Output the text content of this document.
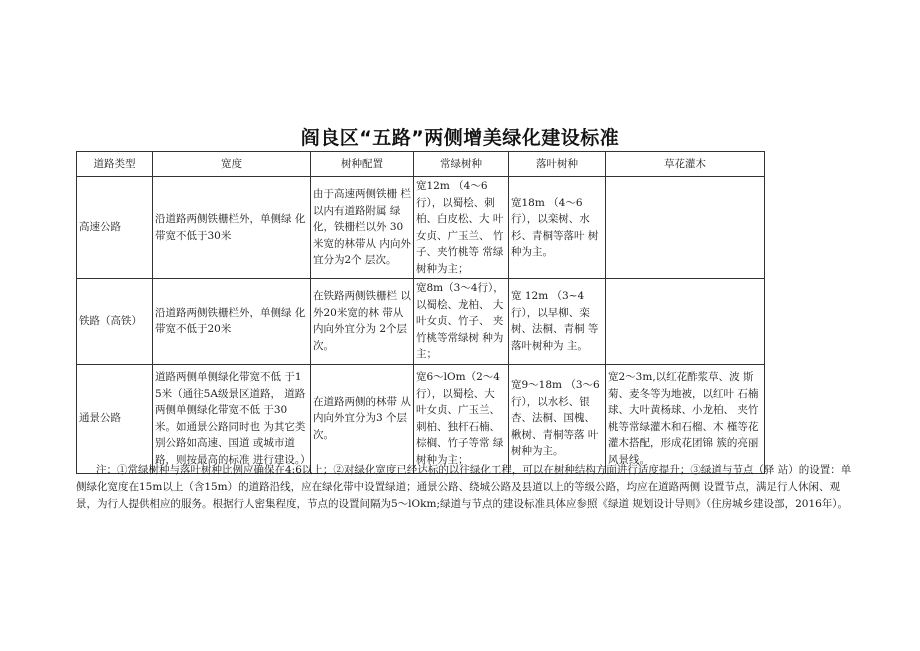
阎良区“五路”两侧增美绿化建设标准
道路类型	宽度	树种配置	常绿树种	落叶树种	草花灌木
高速公路	沿道路两侧铁栅栏外，单侧绿 化带宽不低于30米	由于高速两侧铁栅 栏以内有道路附属 绿化，铁栅栏以外 30米宽的林带从 内向外宜分为2个 层次。	宽12m （4～6行），以蜀桧、刺柏、白皮松、大 叶女贞、广玉兰、 竹子、夹竹桃等 常绿树种为主；	宽18m （4～6行），以栾树、水 杉、青桐等落叶 树种为主。	
铁路（高铁）	沿道路两侧铁栅栏外，单侧绿 化带宽不低于20米	在铁路两侧铁栅栏 以外20米宽的林 带从内向外宜分为 2个层次。	宽8m（3～4行），以蜀桧、龙柏、 大叶女贞、竹子、 夹竹桃等常绿树 种为主；	宽 12m （3~4行），以早柳、栾 树、法桐、青桐 等落叶树种为 主。	
通景公路	道路两侧单侧绿化带宽不低 于15米（通往5A级景区道路， 道路两侧单侧绿化带宽不低 于30米。如通景公路同时也 为其它类别公路如高速、国道 或城市道路，则按最高的标准 进行建设。）	在道路两侧的林带 从内向外宜分为3 个层次。	宽6～lOm（2～4行），以蜀桧、大 叶女贞、广玉兰、 刺柏、独杆石楠、 棕榈、竹子等常 绿树种为主；	宽9～18m （3～6行），以水杉、银 杏、法桐、国槐、 楸树、青桐等落 叶树种为主。	宽2～3m,以红花酢浆草、波 斯菊、麦冬等为地被，以红叶 石楠球、大叶黄杨球、小龙柏、 夹竹桃等常绿灌木和石榴、木 槿等花灌木搭配，形成花团锦 簇的亮丽风景线。
注：①常绿树种与落叶树种比例应确保在4:6以上；②对绿化宽度已经达标的以往绿化工程，可以在树种结构方面进行适度提升；③绿道与节点（驿 站）的设置：单侧绿化宽度在15m以上（含15m）的道路沿线，应在绿化带中设置绿道；通景公路、绕城公路及县道以上的等级公路，均应在道路两侧 设置节点，满足行人休闲、观景，为行人提供相应的服务。根据行人密集程度，节点的设置间隔为5～lOkm;绿道与节点的建设标准具体应参照《绿道 规划设计导则》（住房城乡建设部，2016年）。
